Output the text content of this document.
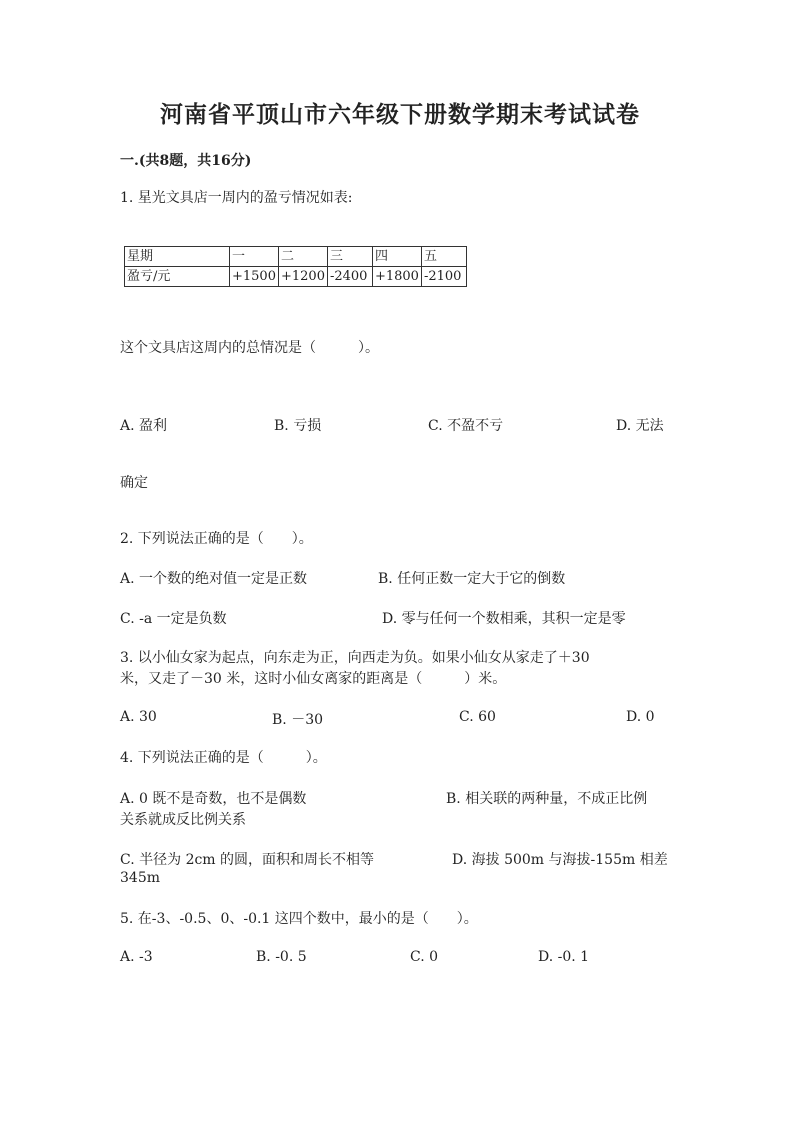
河南省平顶山市六年级下册数学期末考试试卷
一.(共8题，共16分)
1. 星光文具店一周内的盈亏情况如表:
星期	一	二	三	四	五
盈亏/元	+1500	+1200	-2400	+1800	-2100
这个文具店这周内的总情况是（　　　）。
A. 盈利	B. 亏损	C. 不盈不亏	D. 无法
确定
2. 下列说法正确的是（　　）。
A. 一个数的绝对值一定是正数	B. 任何正数一定大于它的倒数
C. -a 一定是负数	D. 零与任何一个数相乘，其积一定是零
3. 以小仙女家为起点，向东走为正，向西走为负。如果小仙女从家走了＋30
米，又走了－30 米，这时小仙女离家的距离是（　　　）米。
A. 30	B. －30	C. 60	D. 0
4. 下列说法正确的是（　　　）。
A. 0 既不是奇数，也不是偶数	B. 相关联的两种量，不成正比例
关系就成反比例关系
C. 半径为 2cm 的圆，面积和周长不相等	D. 海拔 500m 与海拔-155m 相差
345m
5. 在-3、-0.5、0、-0.1 这四个数中，最小的是（　　）。
A. -3	B. -0. 5	C. 0	D. -0. 1
